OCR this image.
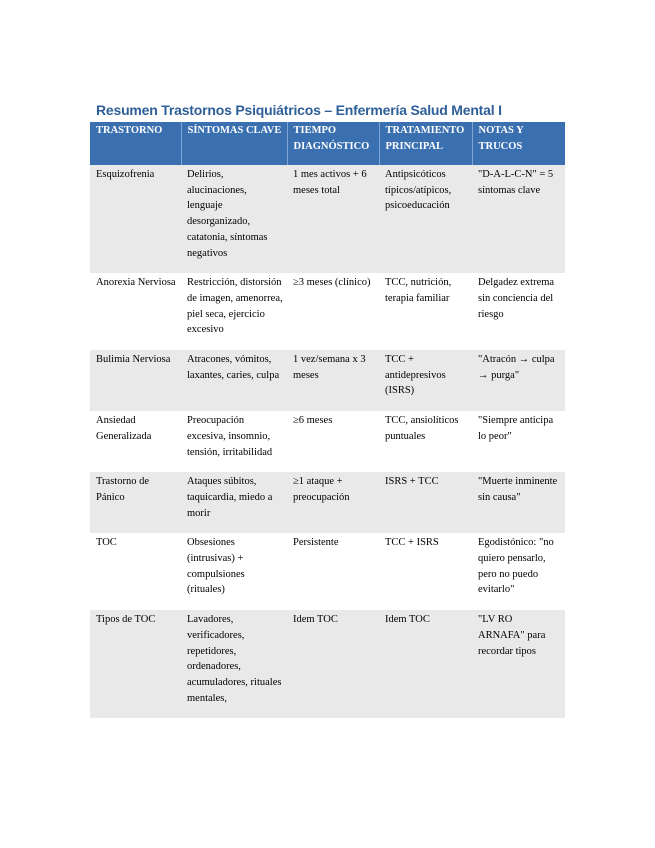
Resumen Trastornos Psiquiátricos – Enfermería Salud Mental I
TRASTORNO	SÍNTOMAS CLAVE	TIEMPO DIAGNÓSTICO	TRATAMIENTO PRINCIPAL	NOTAS Y TRUCOS
Esquizofrenia	Delirios, alucinaciones, lenguaje desorganizado, catatonia, síntomas negativos	1 mes activos + 6 meses total	Antipsicóticos típicos/atípicos, psicoeducación	"D-A-L-C-N" = 5 síntomas clave
Anorexia Nerviosa	Restricción, distorsión de imagen, amenorrea, piel seca, ejercicio excesivo	≥3 meses (clínico)	TCC, nutrición, terapia familiar	Delgadez extrema sin conciencia del riesgo
Bulimia Nerviosa	Atracones, vómitos, laxantes, caries, culpa	1 vez/semana x 3 meses	TCC + antidepresivos (ISRS)	"Atracón → culpa → purga"
Ansiedad Generalizada	Preocupación excesiva, insomnio, tensión, irritabilidad	≥6 meses	TCC, ansiolíticos puntuales	"Siempre anticipa lo peor"
Trastorno de Pánico	Ataques súbitos, taquicardia, miedo a morir	≥1 ataque + preocupación	ISRS + TCC	"Muerte inminente sin causa"
TOC	Obsesiones (intrusivas) + compulsiones (rituales)	Persistente	TCC + ISRS	Egodistónico: "no quiero pensarlo, pero no puedo evitarlo"
Tipos de TOC	Lavadores, verificadores, repetidores, ordenadores, acumuladores, rituales mentales,	Idem TOC	Idem TOC	"LV RO ARNAFA" para recordar tipos
